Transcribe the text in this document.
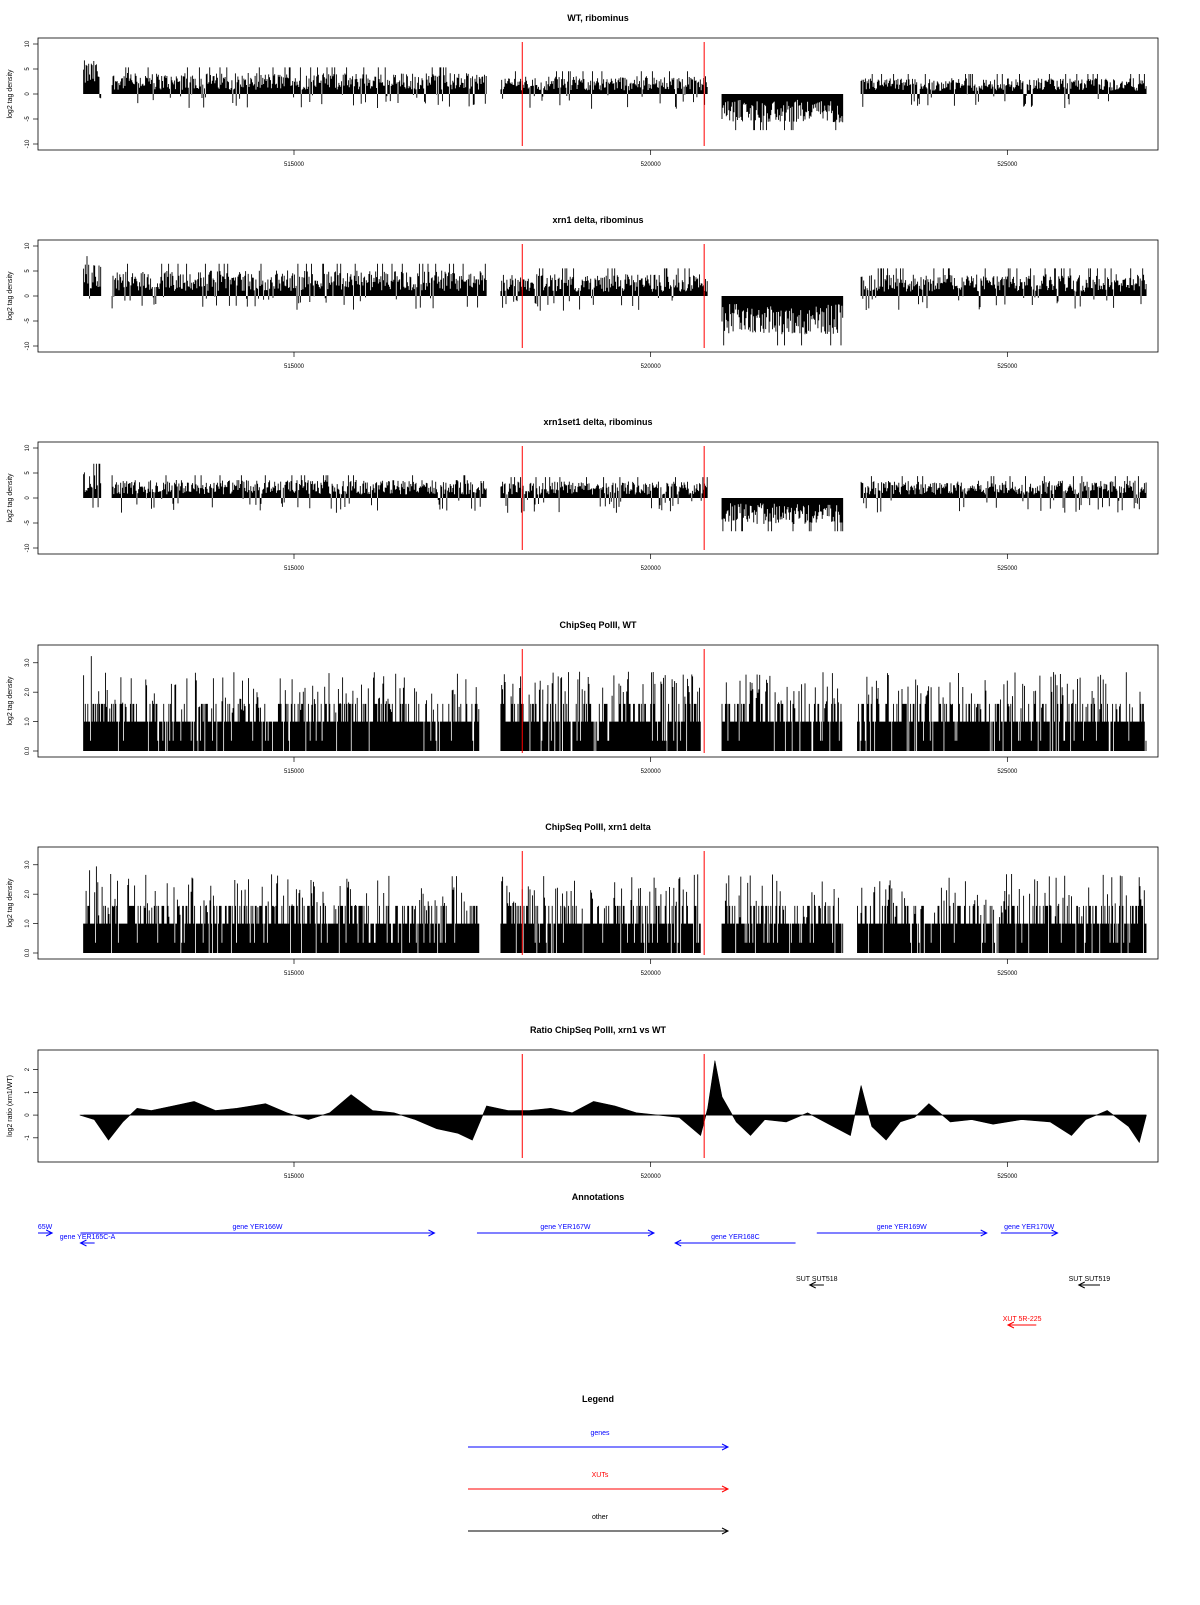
WT, ribominus
-10
-5
0
5
10
log2 tag density
515000	520000	525000
xrn1 delta, ribominus
-10
-5
0
5
10
log2 tag density
515000	520000	525000
xrn1set1 delta, ribominus
-10
-5
0
5
10
log2 tag density
515000	520000	525000
ChipSeq PolII, WT
0.0
1.0
2.0
3.0
log2 tag density
515000	520000	525000
ChipSeq PolII, xrn1 delta
0.0
1.0
2.0
3.0
log2 tag density
515000	520000	525000
Ratio ChipSeq PolII, xrn1 vs WT
-1
0
1
2
log2 ratio (xrn1/WT)
515000	520000	525000
Annotations
65W
gene YER165C-A
gene YER166W	gene YER167W
gene YER168C
gene YER169W	gene YER170W
SUT SUT518	SUT SUT519
XUT 5R-225
Legend
genes
XUTs
other
